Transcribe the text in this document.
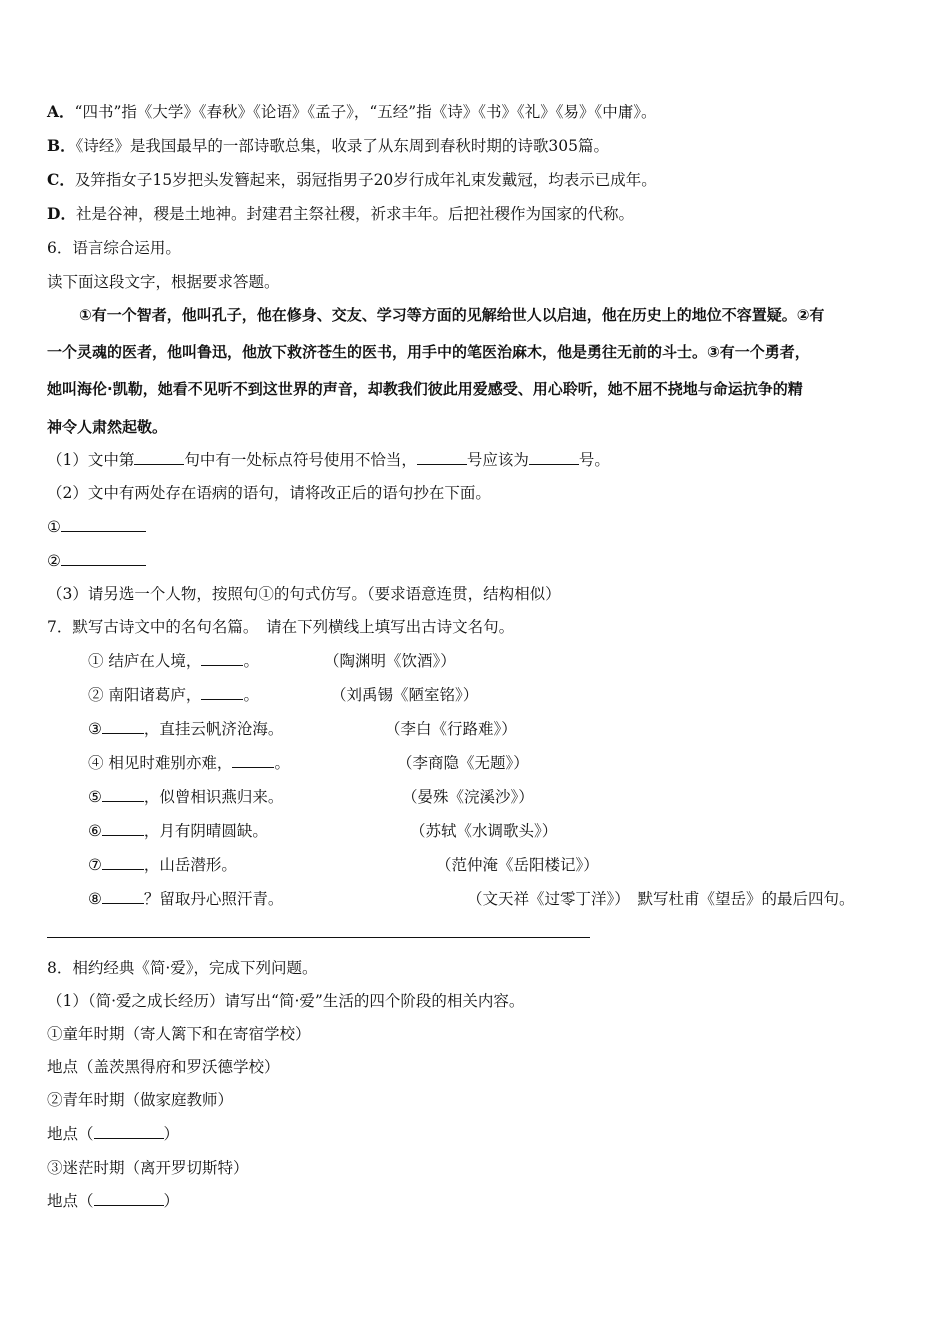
A．“四书”指《大学》《春秋》《论语》《孟子》，“五经”指《诗》《书》《礼》《易》《中庸》。
B．《诗经》是我国最早的一部诗歌总集，收录了从东周到春秋时期的诗歌305篇。
C．及笄指女子15岁把头发簪起来，弱冠指男子20岁行成年礼束发戴冠，均表示已成年。
D．社是谷神，稷是土地神。封建君主祭社稷，祈求丰年。后把社稷作为国家的代称。
6．语言综合运用。
读下面这段文字，根据要求答题。
①有一个智者，他叫孔子，他在修身、交友、学习等方面的见解给世人以启迪，他在历史上的地位不容置疑。②有
一个灵魂的医者，他叫鲁迅，他放下救济苍生的医书，用手中的笔医治麻木，他是勇往无前的斗士。③有一个勇者，
她叫海伦·凯勒，她看不见听不到这世界的声音，却教我们彼此用爱感受、用心聆听，她不屈不挠地与命运抗争的精
神令人肃然起敬。
（1）文中第	句中有一处标点符号使用不恰当，	号应该为	号。
（2）文中有两处存在语病的语句，请将改正后的语句抄在下面。
①
②
（3）请另选一个人物，按照句①的句式仿写。（要求语意连贯，结构相似）
7．默写古诗文中的名句名篇。　请在下列横线上填写出古诗文名句。
① 结庐在人境，	。	（陶渊明《饮酒》）
② 南阳诸葛庐，	。	（刘禹锡《陋室铭》）
③	，直挂云帆济沧海。	（李白《行路难》）
④ 相见时难别亦难，	。	（李商隐《无题》）
⑤	，似曾相识燕归来。	（晏殊《浣溪沙》）
⑥	，月有阴晴圆缺。	（苏轼《水调歌头》）
⑦	，山岳潜形。	（范仲淹《岳阳楼记》）
⑧	？留取丹心照汗青。	（文天祥《过零丁洋》）　默写杜甫《望岳》的最后四句。
8．相约经典《简·爱》，完成下列问题。
（1）（简·爱之成长经历）请写出“简·爱”生活的四个阶段的相关内容。
①童年时期（寄人篱下和在寄宿学校）
地点（盖茨黑得府和罗沃德学校）
②青年时期（做家庭教师）
地点（	）
③迷茫时期（离开罗切斯特）
地点（	）
